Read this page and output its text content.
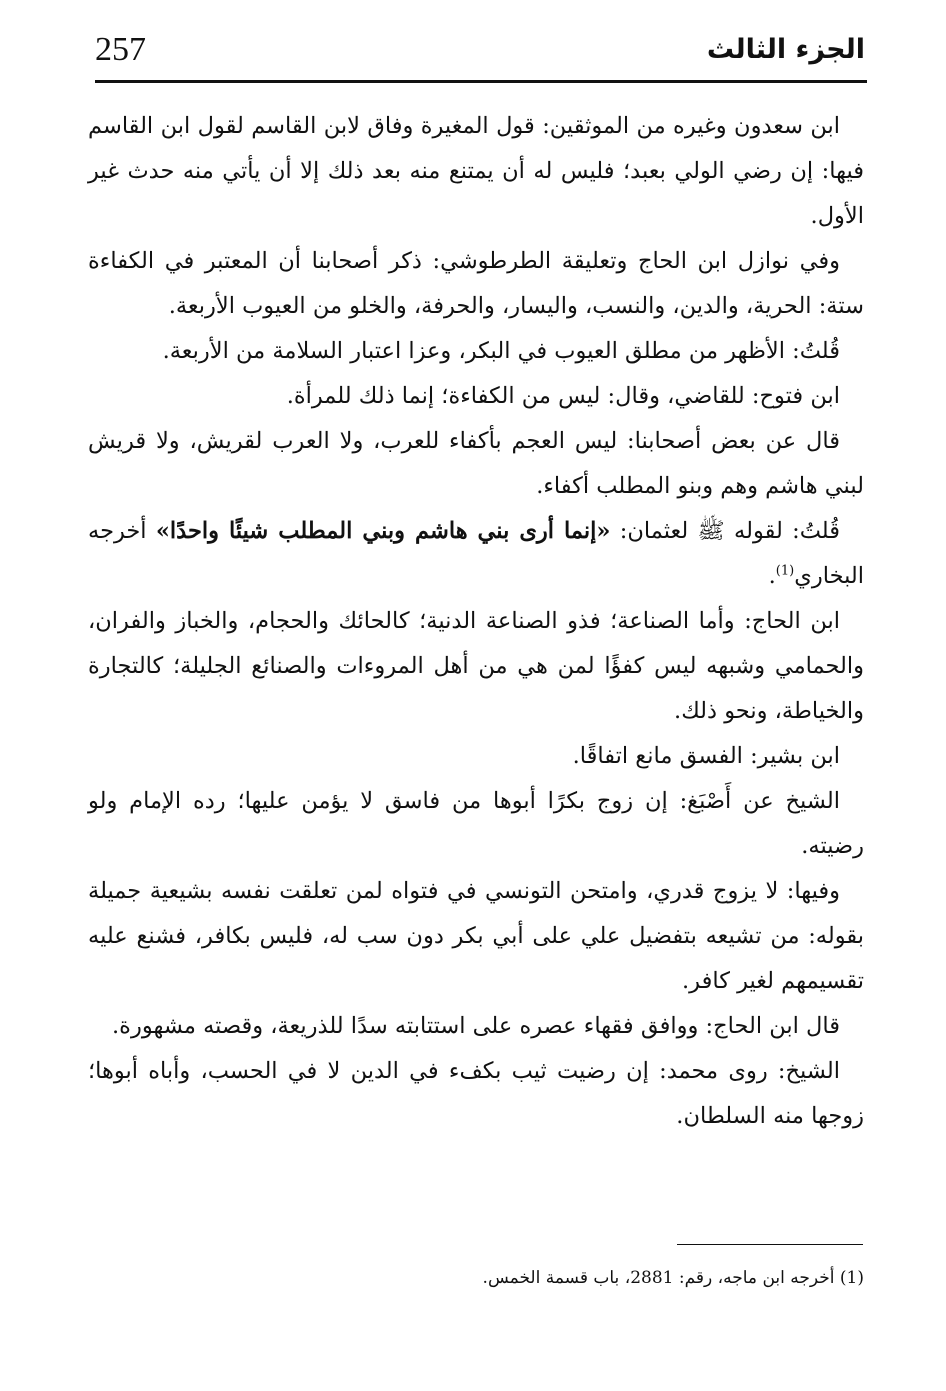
257	الجزء الثالث

ابن سعدون وغيره من الموثقين: قول المغيرة وفاق لابن القاسم لقول ابن القاسم فيها: إن رضي الولي بعبد؛ فليس له أن يمتنع منه بعد ذلك إلا أن يأتي منه حدث غير الأول.

وفي نوازل ابن الحاج وتعليقة الطرطوشي: ذكر أصحابنا أن المعتبر في الكفاءة ستة: الحرية، والدين، والنسب، واليسار، والحرفة، والخلو من العيوب الأربعة.

قُلتُ: الأظهر من مطلق العيوب في البكر، وعزا اعتبار السلامة من الأربعة.

ابن فتوح: للقاضي، وقال: ليس من الكفاءة؛ إنما ذلك للمرأة.

قال عن بعض أصحابنا: ليس العجم بأكفاء للعرب، ولا العرب لقريش، ولا قريش لبني هاشم وهم وبنو المطلب أكفاء.

قُلتُ: لقوله ﷺ لعثمان: «إنما أرى بني هاشم وبني المطلب شيئًا واحدًا» أخرجه البخاري$^{(1)}$.

ابن الحاج: وأما الصناعة؛ فذو الصناعة الدنية؛ كالحائك والحجام، والخباز والفران، والحمامي وشبهه ليس كفؤًا لمن هي من أهل المروءات والصنائع الجليلة؛ كالتجارة والخياطة، ونحو ذلك.

ابن بشير: الفسق مانع اتفاقًا.

الشيخ عن أَصْبَغ: إن زوج بكرًا أبوها من فاسق لا يؤمن عليها؛ رده الإمام ولو رضيته.

وفيها: لا يزوج قدري، وامتحن التونسي في فتواه لمن تعلقت نفسه بشيعية جميلة بقوله: من تشيعه بتفضيل علي على أبي بكر دون سب له، فليس بكافر، فشنع عليه تقسيمهم لغير كافر.

قال ابن الحاج: ووافق فقهاء عصره على استتابته سدًا للذريعة، وقصته مشهورة.

الشيخ: روى محمد: إن رضيت ثيب بكفء في الدين لا في الحسب، وأباه أبوها؛ زوجها منه السلطان.

(1) أخرجه ابن ماجه، رقم: 2881، باب قسمة الخمس.
